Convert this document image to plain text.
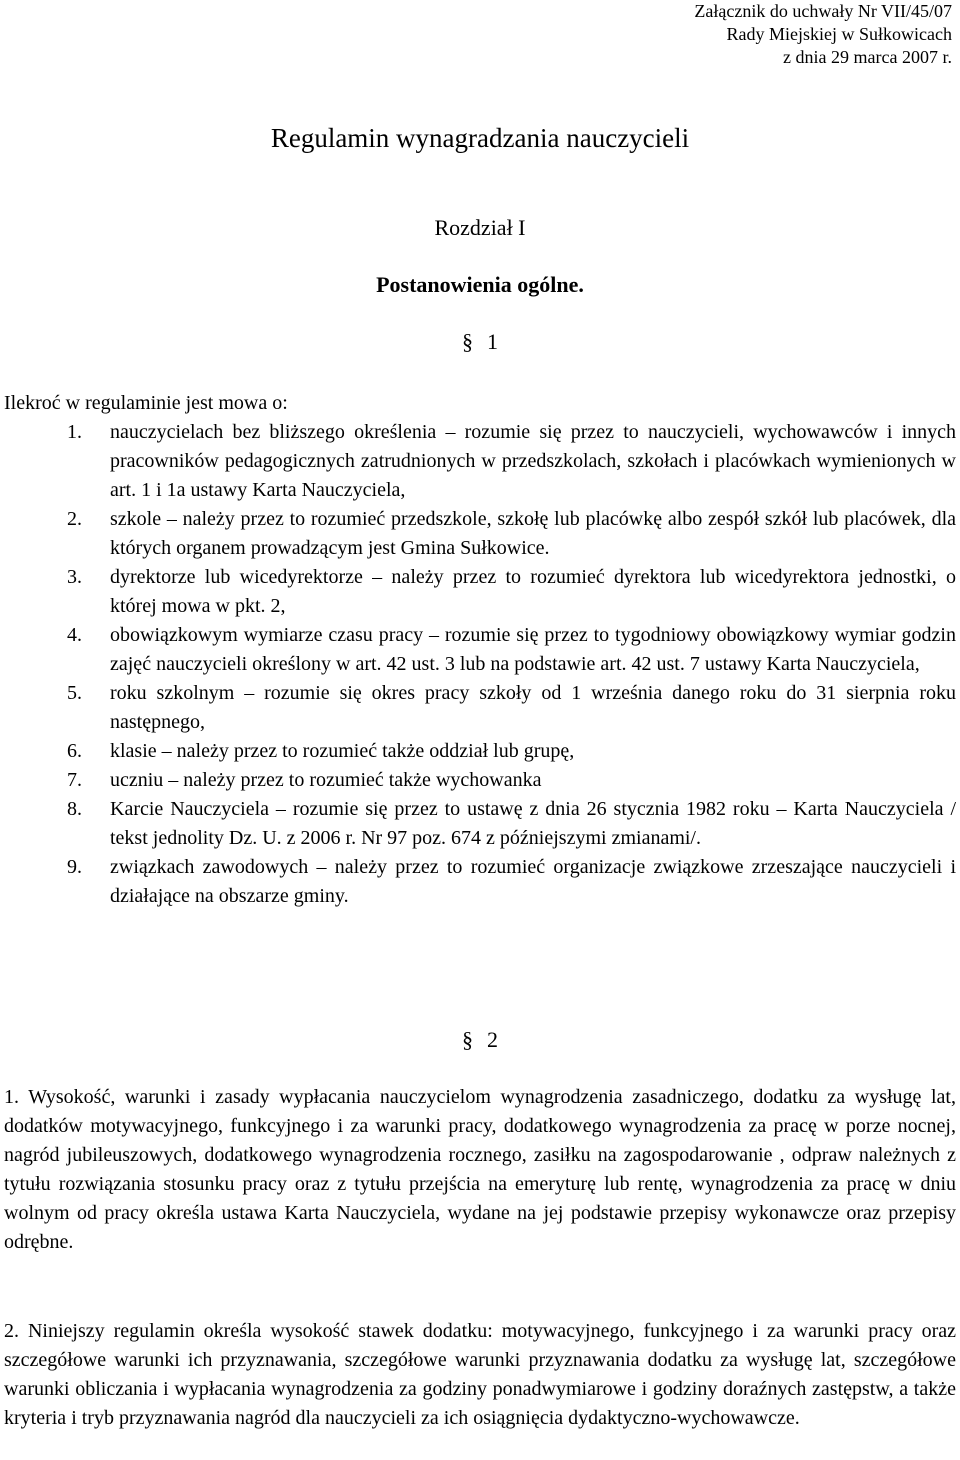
Załącznik do uchwały Nr VII/45/07
Rady Miejskiej w Sułkowicach
z dnia 29 marca 2007 r.
Regulamin wynagradzania nauczycieli
Rozdział I
Postanowienia ogólne.
§ 1
Ilekroć w regulaminie jest mowa o:
1. nauczycielach bez bliższego określenia – rozumie się przez to nauczycieli, wychowawców i innych pracowników pedagogicznych zatrudnionych w przedszkolach, szkołach i placówkach wymienionych w art. 1 i 1a ustawy Karta Nauczyciela,
2. szkole – należy przez to rozumieć przedszkole, szkołę lub placówkę albo zespół szkół lub placówek, dla których organem prowadzącym jest Gmina Sułkowice.
3. dyrektorze lub wicedyrektorze – należy przez to rozumieć dyrektora lub wicedyrektora jednostki, o której mowa w pkt. 2,
4. obowiązkowym wymiarze czasu pracy – rozumie się przez to tygodniowy obowiązkowy wymiar godzin zajęć nauczycieli określony w art. 42 ust. 3 lub na podstawie art. 42 ust. 7 ustawy Karta Nauczyciela,
5. roku szkolnym – rozumie się okres pracy szkoły od 1 września danego roku do 31 sierpnia roku następnego,
6. klasie – należy przez to rozumieć także oddział lub grupę,
7. uczniu – należy przez to rozumieć także wychowanka
8. Karcie Nauczyciela – rozumie się przez to ustawę z dnia 26 stycznia 1982 roku – Karta Nauczyciela / tekst jednolity Dz. U. z 2006 r. Nr 97 poz. 674 z późniejszymi zmianami/.
9. związkach zawodowych – należy przez to rozumieć organizacje związkowe zrzeszające nauczycieli i działające na obszarze gminy.
§ 2

1. Wysokość, warunki i zasady wypłacania nauczycielom wynagrodzenia zasadniczego, dodatku za wysługę lat, dodatków motywacyjnego, funkcyjnego i za warunki pracy, dodatkowego wynagrodzenia za pracę w porze nocnej, nagród jubileuszowych, dodatkowego wynagrodzenia rocznego, zasiłku na zagospodarowanie , odpraw należnych z tytułu rozwiązania stosunku pracy oraz z tytułu przejścia na emeryturę lub rentę, wynagrodzenia za pracę w dniu wolnym od pracy określa ustawa Karta Nauczyciela, wydane na jej podstawie przepisy wykonawcze oraz przepisy odrębne.

2. Niniejszy regulamin określa wysokość stawek dodatku: motywacyjnego, funkcyjnego i za warunki pracy oraz szczegółowe warunki ich przyznawania, szczegółowe warunki przyznawania dodatku za wysługę lat, szczegółowe warunki obliczania i wypłacania wynagrodzenia za godziny ponadwymiarowe i godziny doraźnych zastępstw, a także kryteria i tryb przyznawania nagród dla nauczycieli za ich osiągnięcia dydaktyczno-wychowawcze.
